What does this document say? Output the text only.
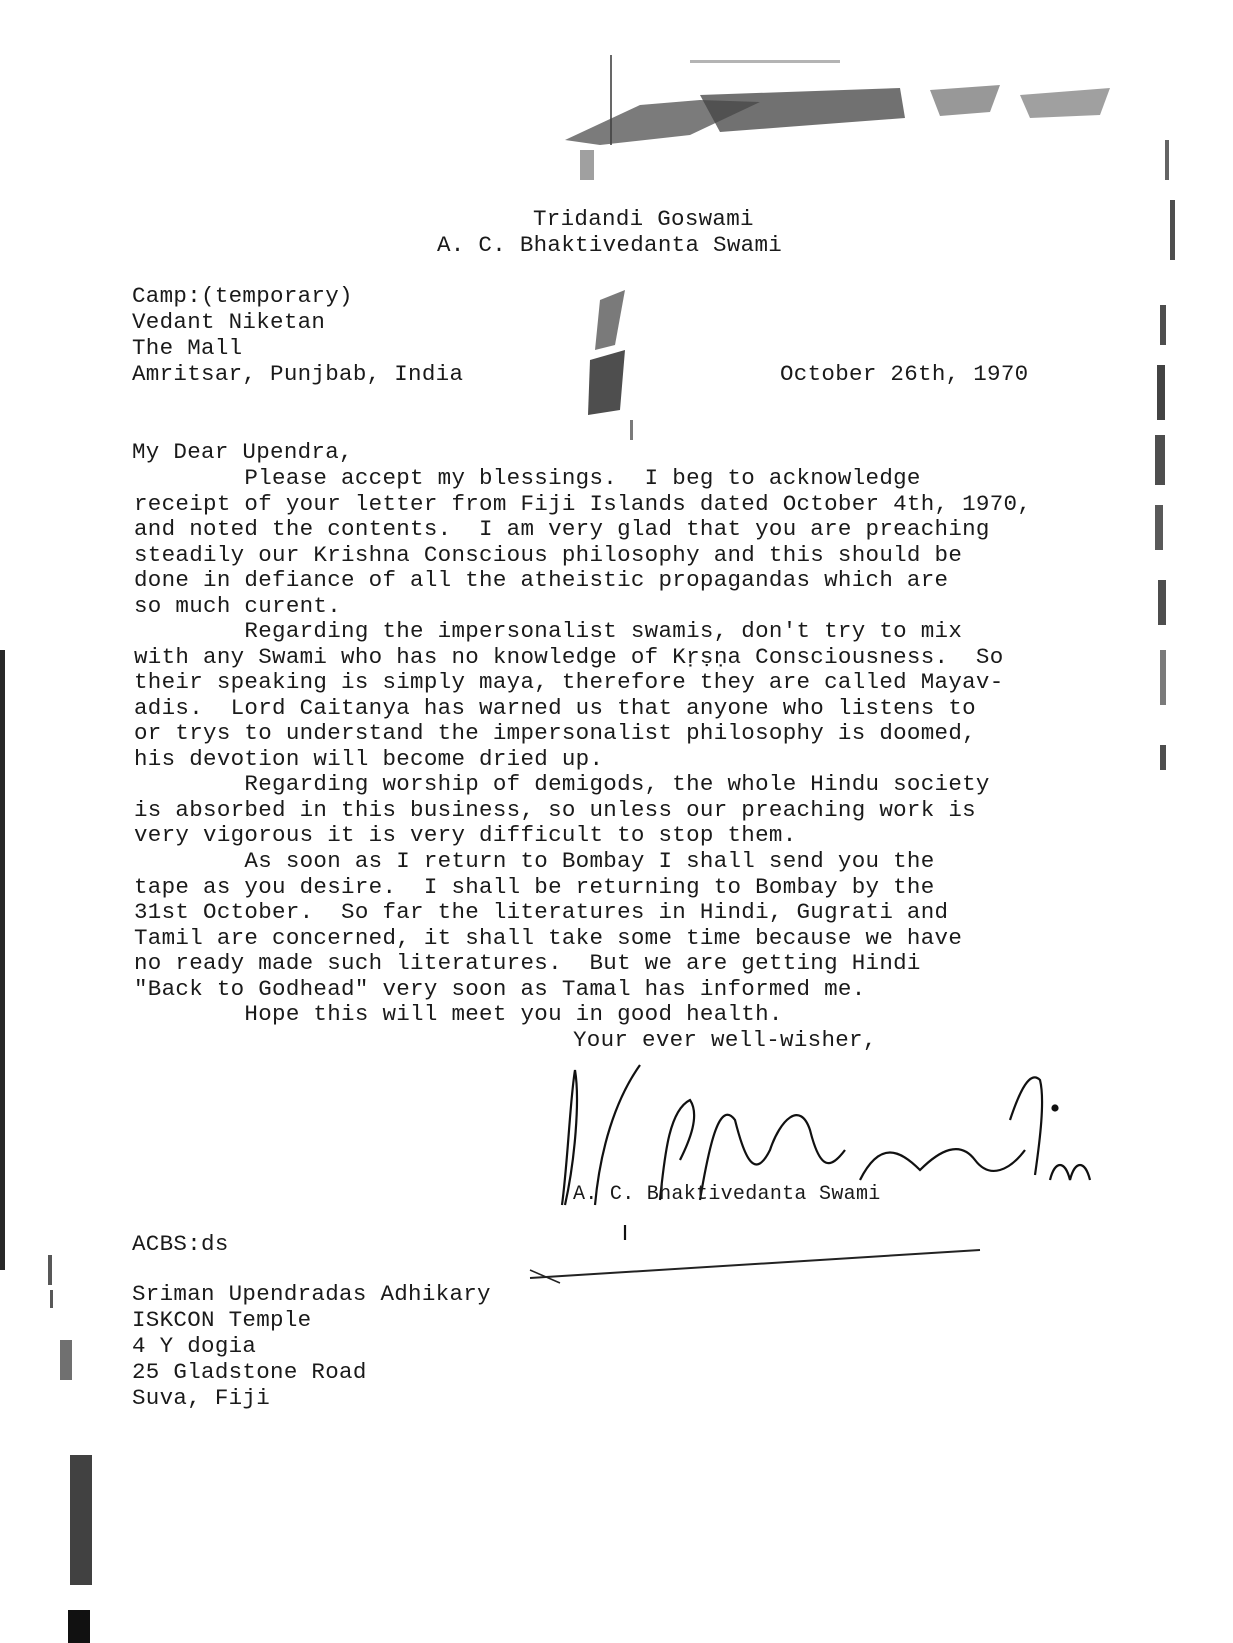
Tridandi Goswami
A. C. Bhaktivedanta Swami
Camp:(temporary)
Vedant Niketan
The Mall
Amritsar, Punjbab, India	October 26th, 1970
My Dear Upendra,
Please accept my blessings.  I beg to acknowledge
receipt of your letter from Fiji Islands dated October 4th, 1970,
and noted the contents.  I am very glad that you are preaching
steadily our Krishna Conscious philosophy and this should be
done in defiance of all the atheistic propagandas which are
so much curent.
Regarding the impersonalist swamis, don't try to mix
with any Swami who has no knowledge of Kṛṣṇa Consciousness.  So
their speaking is simply maya, therefore they are called Mayav-
adis.  Lord Caitanya has warned us that anyone who listens to
or trys to understand the impersonalist philosophy is doomed,
his devotion will become dried up.
Regarding worship of demigods, the whole Hindu society
is absorbed in this business, so unless our preaching work is
very vigorous it is very difficult to stop them.
As soon as I return to Bombay I shall send you the
tape as you desire.  I shall be returning to Bombay by the
31st October.  So far the literatures in Hindi, Gugrati and
Tamil are concerned, it shall take some time because we have
no ready made such literatures.  But we are getting Hindi
"Back to Godhead" very soon as Tamal has informed me.
Hope this will meet you in good health.
Your ever well-wisher,
A. C. Bhaktivedanta Swami
ACBS:ds
Sriman Upendradas Adhikary
ISKCON Temple
4 Y dogia
25 Gladstone Road
Suva, Fiji
